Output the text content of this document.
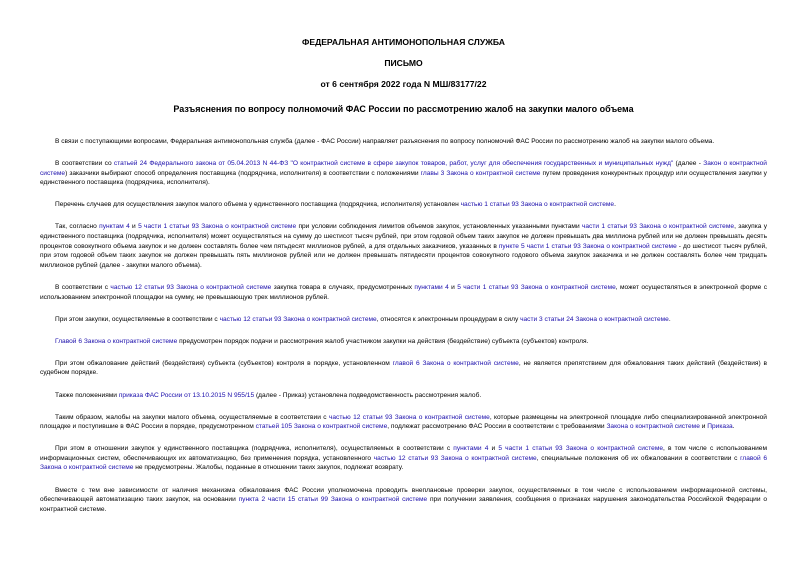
ФЕДЕРАЛЬНАЯ АНТИМОНОПОЛЬНАЯ СЛУЖБА
ПИСЬМО
от 6 сентября 2022 года N МШ/83177/22
Разъяснения по вопросу полномочий ФАС России по рассмотрению жалоб на закупки малого объема

В связи с поступающими вопросами, Федеральная антимонопольная служба (далее - ФАС России) направляет разъяснения по вопросу полномочий ФАС России по рассмотрению жалоб на закупки малого объема.

В соответствии со статьей 24 Федерального закона от 05.04.2013 N 44-ФЗ "О контрактной системе в сфере закупок товаров, работ, услуг для обеспечения государственных и муниципальных нужд" (далее - Закон о контрактной системе) заказчики выбирают способ определения поставщика (подрядчика, исполнителя) в соответствии с положениями главы 3 Закона о контрактной системе путем проведения конкурентных процедур или осуществления закупки у единственного поставщика (подрядчика, исполнителя).

Перечень случаев для осуществления закупок малого объема у единственного поставщика (подрядчика, исполнителя) установлен частью 1 статьи 93 Закона о контрактной системе.

Так, согласно пунктам 4 и 5 части 1 статьи 93 Закона о контрактной системе при условии соблюдения лимитов объемов закупок, установленных указанными пунктами части 1 статьи 93 Закона о контрактной системе, закупка у единственного поставщика (подрядчика, исполнителя) может осуществляться на сумму до шестисот тысяч рублей, при этом годовой объем таких закупок не должен превышать два миллиона рублей или не должен превышать десять процентов совокупного объема закупок и не должен составлять более чем пятьдесят миллионов рублей, а для отдельных заказчиков, указанных в пункте 5 части 1 статьи 93 Закона о контрактной системе - до шестисот тысяч рублей, при этом годовой объем таких закупок не должен превышать пять миллионов рублей или не должен превышать пятидесяти процентов совокупного годового объема закупок заказчика и не должен составлять более чем тридцать миллионов рублей (далее - закупки малого объема).

В соответствии с частью 12 статьи 93 Закона о контрактной системе закупка товара в случаях, предусмотренных пунктами 4 и 5 части 1 статьи 93 Закона о контрактной системе, может осуществляться в электронной форме с использованием электронной площадки на сумму, не превышающую трех миллионов рублей.

При этом закупки, осуществляемые в соответствии с частью 12 статьи 93 Закона о контрактной системе, относятся к электронным процедурам в силу части 3 статьи 24 Закона о контрактной системе.

Главой 6 Закона о контрактной системе предусмотрен порядок подачи и рассмотрения жалоб участником закупки на действия (бездействие) субъекта (субъектов) контроля.

При этом обжалование действий (бездействия) субъекта (субъектов) контроля в порядке, установленном главой 6 Закона о контрактной системе, не является препятствием для обжалования таких действий (бездействия) в судебном порядке.

Также положениями приказа ФАС России от 13.10.2015 N 955/15 (далее - Приказ) установлена подведомственность рассмотрения жалоб.

Таким образом, жалобы на закупки малого объема, осуществляемые в соответствии с частью 12 статьи 93 Закона о контрактной системе, которые размещены на электронной площадке либо специализированной электронной площадке и поступившие в ФАС России в порядке, предусмотренном статьей 105 Закона о контрактной системе, подлежат рассмотрению ФАС России в соответствии с требованиями Закона о контрактной системе и Приказа.

При этом в отношении закупок у единственного поставщика (подрядчика, исполнителя), осуществляемых в соответствии с пунктами 4 и 5 части 1 статьи 93 Закона о контрактной системе, в том числе с использованием информационных систем, обеспечивающих их автоматизацию, без применения порядка, установленного частью 12 статьи 93 Закона о контрактной системе, специальные положения об их обжаловании в соответствии с главой 6 Закона о контрактной системе не предусмотрены. Жалобы, поданные в отношении таких закупок, подлежат возврату.

Вместе с тем вне зависимости от наличия механизма обжалования ФАС России уполномочена проводить внеплановые проверки закупок, осуществляемых в том числе с использованием информационной системы, обеспечивающей автоматизацию таких закупок, на основании пункта 2 части 15 статьи 99 Закона о контрактной системе при получении заявления, сообщения о признаках нарушения законодательства Российской Федерации о контрактной системе.
